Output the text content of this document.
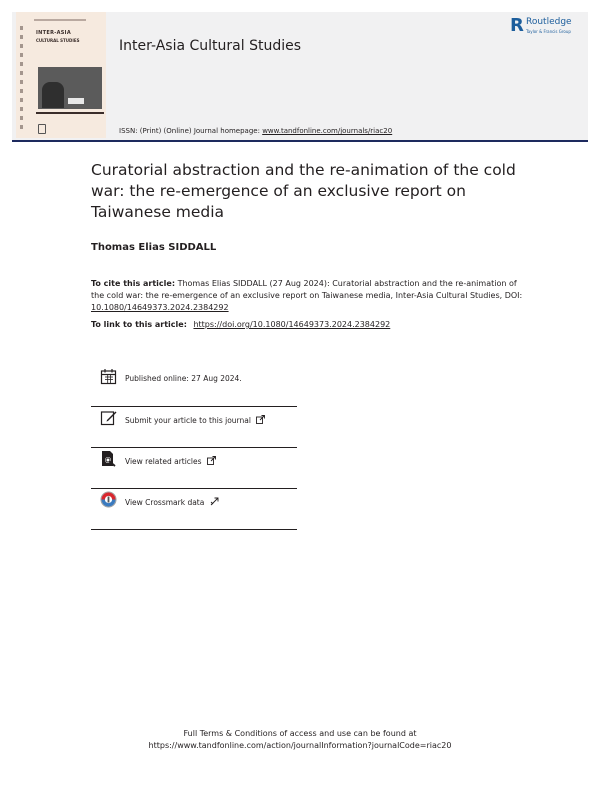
INTER-ASIA
CULTURAL STUDIES	Inter-Asia Cultural Studies
R Routledge
Taylor & Francis Group
ISSN: (Print) (Online) Journal homepage: www.tandfonline.com/journals/riac20
Curatorial abstraction and the re-animation of the cold war: the re-emergence of an exclusive report on Taiwanese media
Thomas Elias SIDDALL
To cite this article: Thomas Elias SIDDALL (27 Aug 2024): Curatorial abstraction and the re-animation of the cold war: the re-emergence of an exclusive report on Taiwanese media, Inter-Asia Cultural Studies, DOI: 10.1080/14649373.2024.2384292
To link to this article: https://doi.org/10.1080/14649373.2024.2384292
Published online: 27 Aug 2024.
Submit your article to this journal
View related articles
View Crossmark data
Full Terms & Conditions of access and use can be found at
https://www.tandfonline.com/action/journalInformation?journalCode=riac20
